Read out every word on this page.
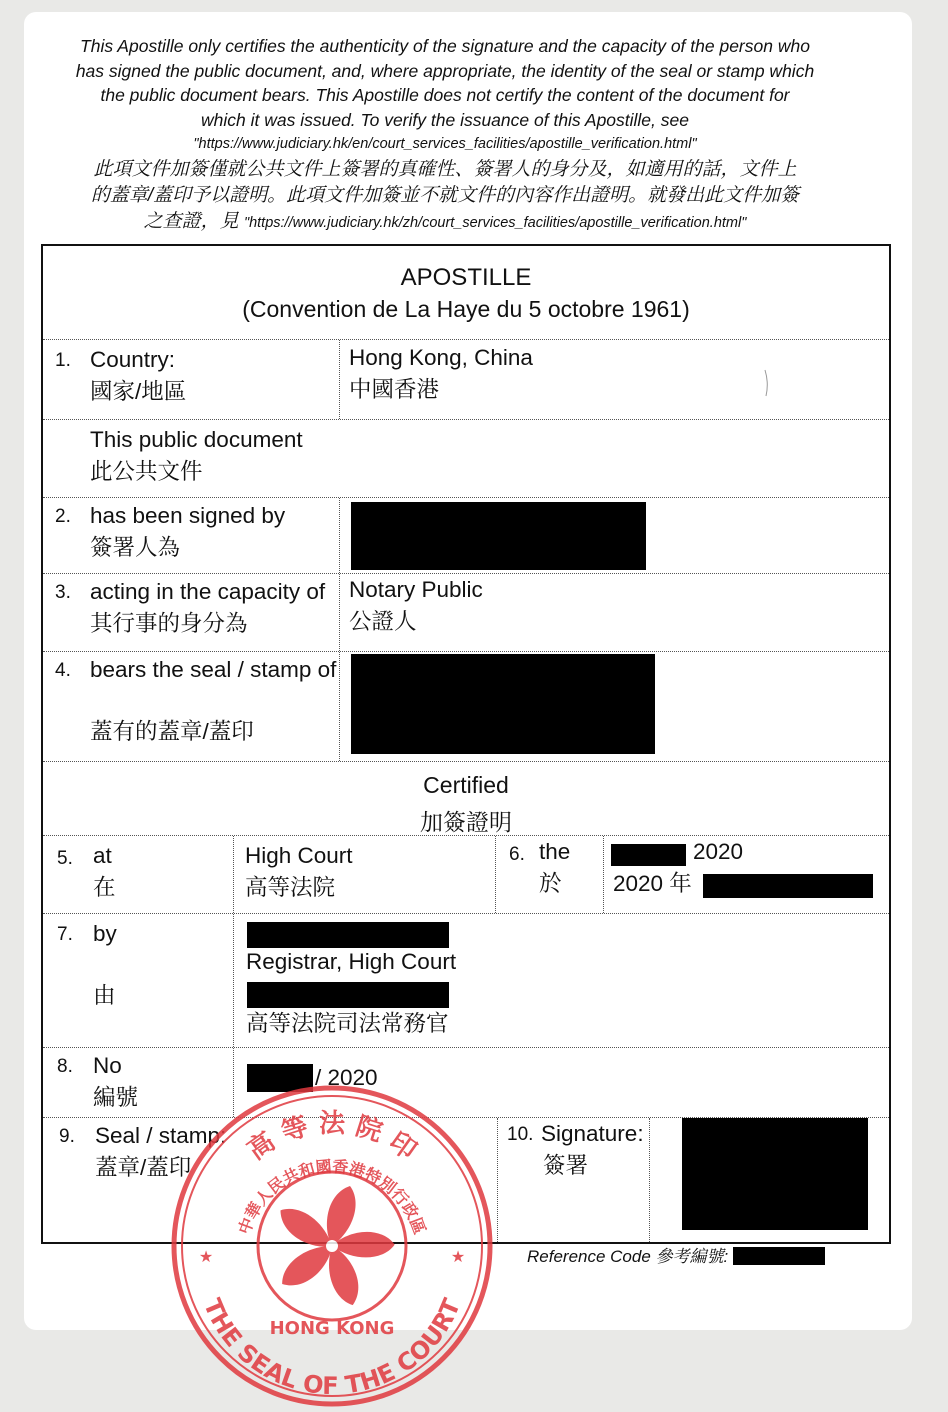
This Apostille only certifies the authenticity of the signature and the capacity of the person who
has signed the public document, and, where appropriate, the identity of the seal or stamp which
the public document bears. This Apostille does not certify the content of the document for
which it was issued. To verify the issuance of this Apostille, see
"https://www.judiciary.hk/en/court_services_facilities/apostille_verification.html"
此項文件加簽僅就公共文件上簽署的真確性、簽署人的身分及，如適用的話，文件上
的蓋章/蓋印予以證明。此項文件加簽並不就文件的內容作出證明。就發出此文件加簽
之查證，見 "https://www.judiciary.hk/zh/court_services_facilities/apostille_verification.html"
APOSTILLE
(Convention de La Haye du 5 octobre 1961)
1. Country:
國家/地區
Hong Kong, China
中國香港
This public document
此公共文件
2. has been signed by
簽署人為
3. acting in the capacity of
其行事的身分為
Notary Public
公證人
4. bears the seal / stamp of
蓋有的蓋章/蓋印
Certified
加簽證明
5. at
在
High Court
高等法院
6. the
於
2020
2020 年
7. by
由
Registrar, High Court
高等法院司法常務官
8. No
編號
/ 2020
9. Seal / stamp:
蓋章/蓋印
10. Signature:
簽署
Reference Code 參考編號:
高 等 法 院 印
中華人民共和國香港特別行政區
THE SEAL OF THE COURT
HONG KONG
★	★
